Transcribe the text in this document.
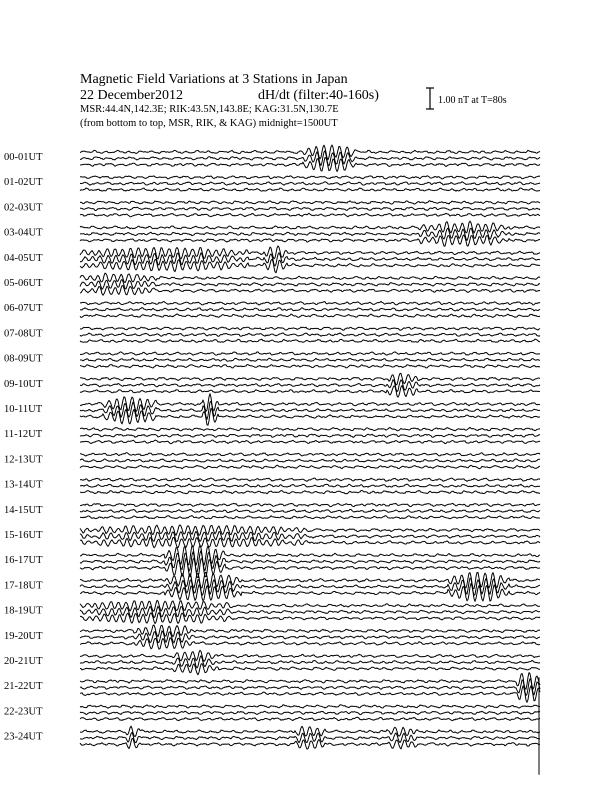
Magnetic Field Variations at 3 Stations in Japan
22 December2012	dH/dt (filter:40-160s)
MSR:44.4N,142.3E; RIK:43.5N,143.8E; KAG:31.5N,130.7E
(from bottom to top, MSR, RIK, & KAG) midnight=1500UT
1.00 nT at T=80s
00-01UT
01-02UT
02-03UT
03-04UT
04-05UT
05-06UT
06-07UT
07-08UT
08-09UT
09-10UT
10-11UT
11-12UT
12-13UT
13-14UT
14-15UT
15-16UT
16-17UT
17-18UT
18-19UT
19-20UT
20-21UT
21-22UT
22-23UT
23-24UT
